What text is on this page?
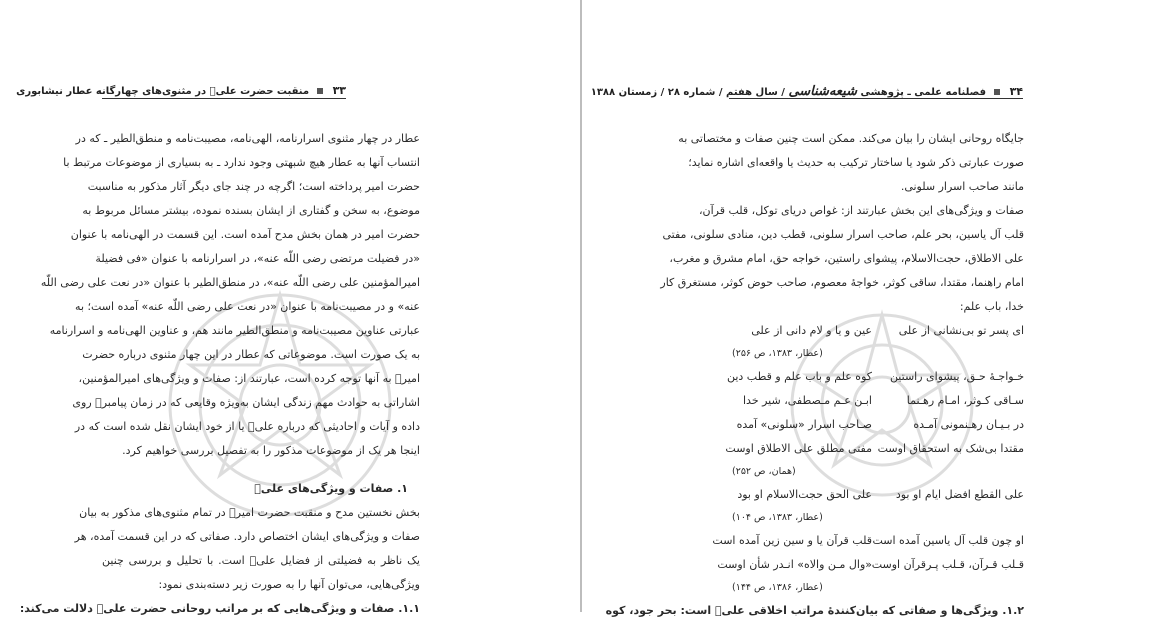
۳۳ منقبت حضرت علیؑ در مثنوی‌های چهارگانه عطار نیشابوری
عطار در چهار مثنوی اسرارنامه، الهی‌نامه، مصیبت‌نامه و منطق‌الطیر ـ که در
انتساب آنها به عطار هیچ شبهتی وجود ندارد ـ به بسیاری از موضوعات مرتبط با
حضرت امیر پرداخته است؛ اگرچه در چند جای دیگر آثار مذکور به مناسبت
موضوع، به سخن و گفتاری از ایشان بسنده نموده، بیشتر مسائل مربوط به
حضرت امیر در همان بخش مدح آمده است. این قسمت در الهی‌نامه با عنوان
«در فضیلت مرتضی رضی اللّه عنه»، در اسرارنامه با عنوان «فی فضیلة
امیرالمؤمنین علی رضی اللّه عنه»، در منطق‌الطیر با عنوان «در نعت علی رضی اللّه
عنه» و در مصیبت‌نامه با عنوان «در نعت علی رضی اللّه عنه» آمده است؛ به
عبارتی عناوین مصیبت‌نامه و منطق‌الطیر مانند هم، و عناوین الهی‌نامه و اسرارنامه
به یک صورت است. موضوعاتی که عطار در این چهار مثنوی درباره حضرت
امیرؑ به آنها توجه کرده است، عبارتند از: صفات و ویژگی‌های امیرالمؤمنین،
اشاراتی به حوادث مهم زندگی ایشان به‌ویژه وقایعی که در زمان پیامبرؐ روی
داده و آیات و احادیثی که درباره علیؑ یا از خود ایشان نقل شده است که در
اینجا هر یک از موضوعات مذکور را به تفصیل بررسی خواهیم کرد.
۱. صفات و ویژگی‌های علیؑ
بخش نخستین مدح و منقبت حضرت امیرؑ در تمام مثنوی‌های مذکور به بیان
صفات و ویژگی‌های ایشان اختصاص دارد. صفاتی که در این قسمت آمده، هر
یک ناظر به فضیلتی از فضایل علیؑ است. با تحلیل و بررسی چنین
ویژگی‌هایی، می‌توان آنها را به صورت زیر دسته‌بندی نمود:
۱.۱. صفات و ویژگی‌هایی که بر مراتب روحانی حضرت علیؑ دلالت می‌کند:
۳۴ فصلنامه علمی ـ پژوهشی شیعه‌شناسی / سال هفتم / شماره ۲۸ / زمستان ۱۳۸۸
جایگاه روحانی ایشان را بیان می‌کند. ممکن است چنین صفات و مختصاتی به
صورت عبارتی ذکر شود یا ساختار ترکیب به حدیث یا واقعه‌ای اشاره نماید؛
مانند صاحب اسرار سلونی.
صفات و ویژگی‌های این بخش عبارتند از: غواص دریای توکل، قلب قرآن،
قلب آل یاسین، بحر علم، صاحب اسرار سلونی، قطب دین، منادی سلونی، مفتی
علی الاطلاق، حجت‌الاسلام، پیشوای راستین، خواجه حق، امام مشرق و مغرب،
امام راهنما، مقتدا، ساقی کوثر، خواجهٔ معصوم، صاحب حوض کوثر، مستغرق کار
خدا، باب علم:
ای پسر تو بی‌نشانی از علی
عین و یا و لام دانی از علی
(عطار، ۱۳۸۳، ص ۲۵۶)
خـواجـهٔ حـق، پیشوای راستین
کوه علم و باب علم و قطب دین
سـاقی کـوثر، امـام رهـنما
ابـن عـم مـصطفی، شیر خدا
در بـیـان رهـنمونی آمـده
صـاحب اسرار «سلونی» آمده
مقتدا بی‌شک به استحقاق اوست
مفتی مطلق علی الاطلاق اوست
(همان، ص ۲۵۲)
علی القطع افضل ایام او بود
علی الحق حجت‌الاسلام او بود
(عطار، ۱۳۸۳، ص ۱۰۴)
او چون قلب آل یاسین آمده است
قلب قرآن یا و سین زین آمده است
قـلب قـرآن، قـلب پـرقرآن اوست
«وال مـن والاه» انـدر شأن اوست
(عطار، ۱۳۸۶، ص ۱۴۴)
۱.۲. ویژگی‌ها و صفاتی که بیان‌کنندهٔ مراتب اخلاقی علیؑ است: بحر جود، کوه
